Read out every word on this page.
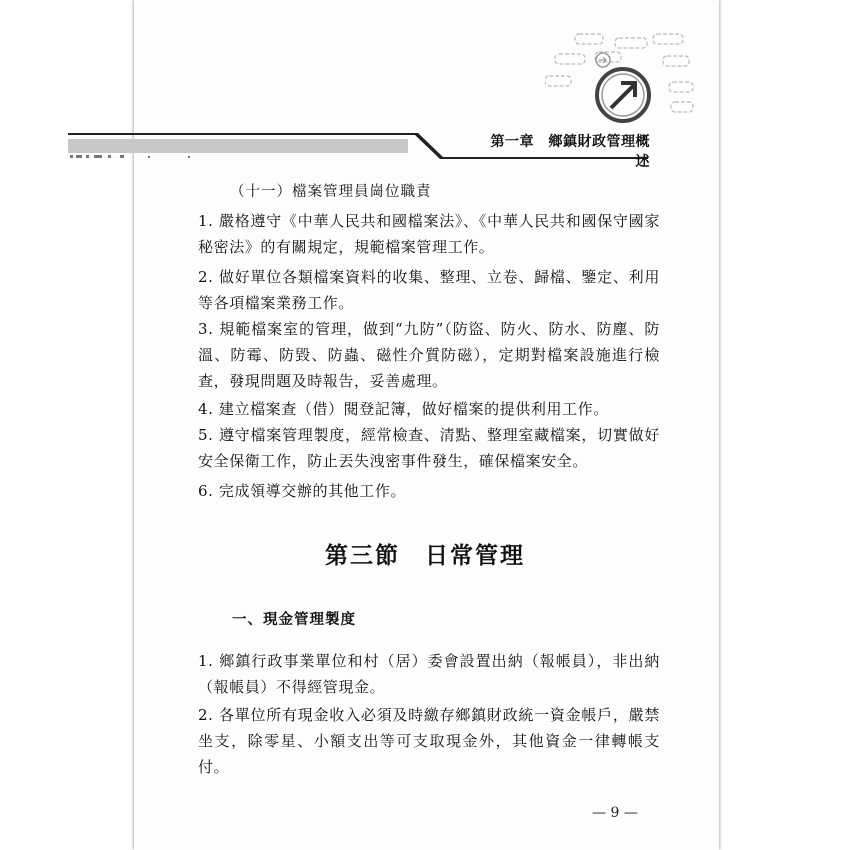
第一章　鄉鎮財政管理概述
（十一）檔案管理員崗位職責
1. 嚴格遵守《中華人民共和國檔案法》、《中華人民共和國保守國家秘密法》的有關規定，規範檔案管理工作。
2. 做好單位各類檔案資料的收集、整理、立卷、歸檔、鑒定、利用等各項檔案業務工作。
3. 規範檔案室的管理，做到“九防”（防盜、防火、防水、防塵、防溫、防霉、防毀、防蟲、磁性介質防磁），定期對檔案設施進行檢查，發現問題及時報告，妥善處理。
4. 建立檔案查（借）閱登記簿，做好檔案的提供利用工作。
5. 遵守檔案管理製度，經常檢查、清點、整理室藏檔案，切實做好安全保衛工作，防止丟失洩密事件發生，確保檔案安全。
6. 完成領導交辦的其他工作。
第三節　日常管理
一、現金管理製度
1. 鄉鎮行政事業單位和村（居）委會設置出納（報帳員），非出納（報帳員）不得經管現金。
2. 各單位所有現金收入必須及時繳存鄉鎮財政統一資金帳戶，嚴禁坐支，除零星、小額支出等可支取現金外，其他資金一律轉帳支付。
— 9 —
